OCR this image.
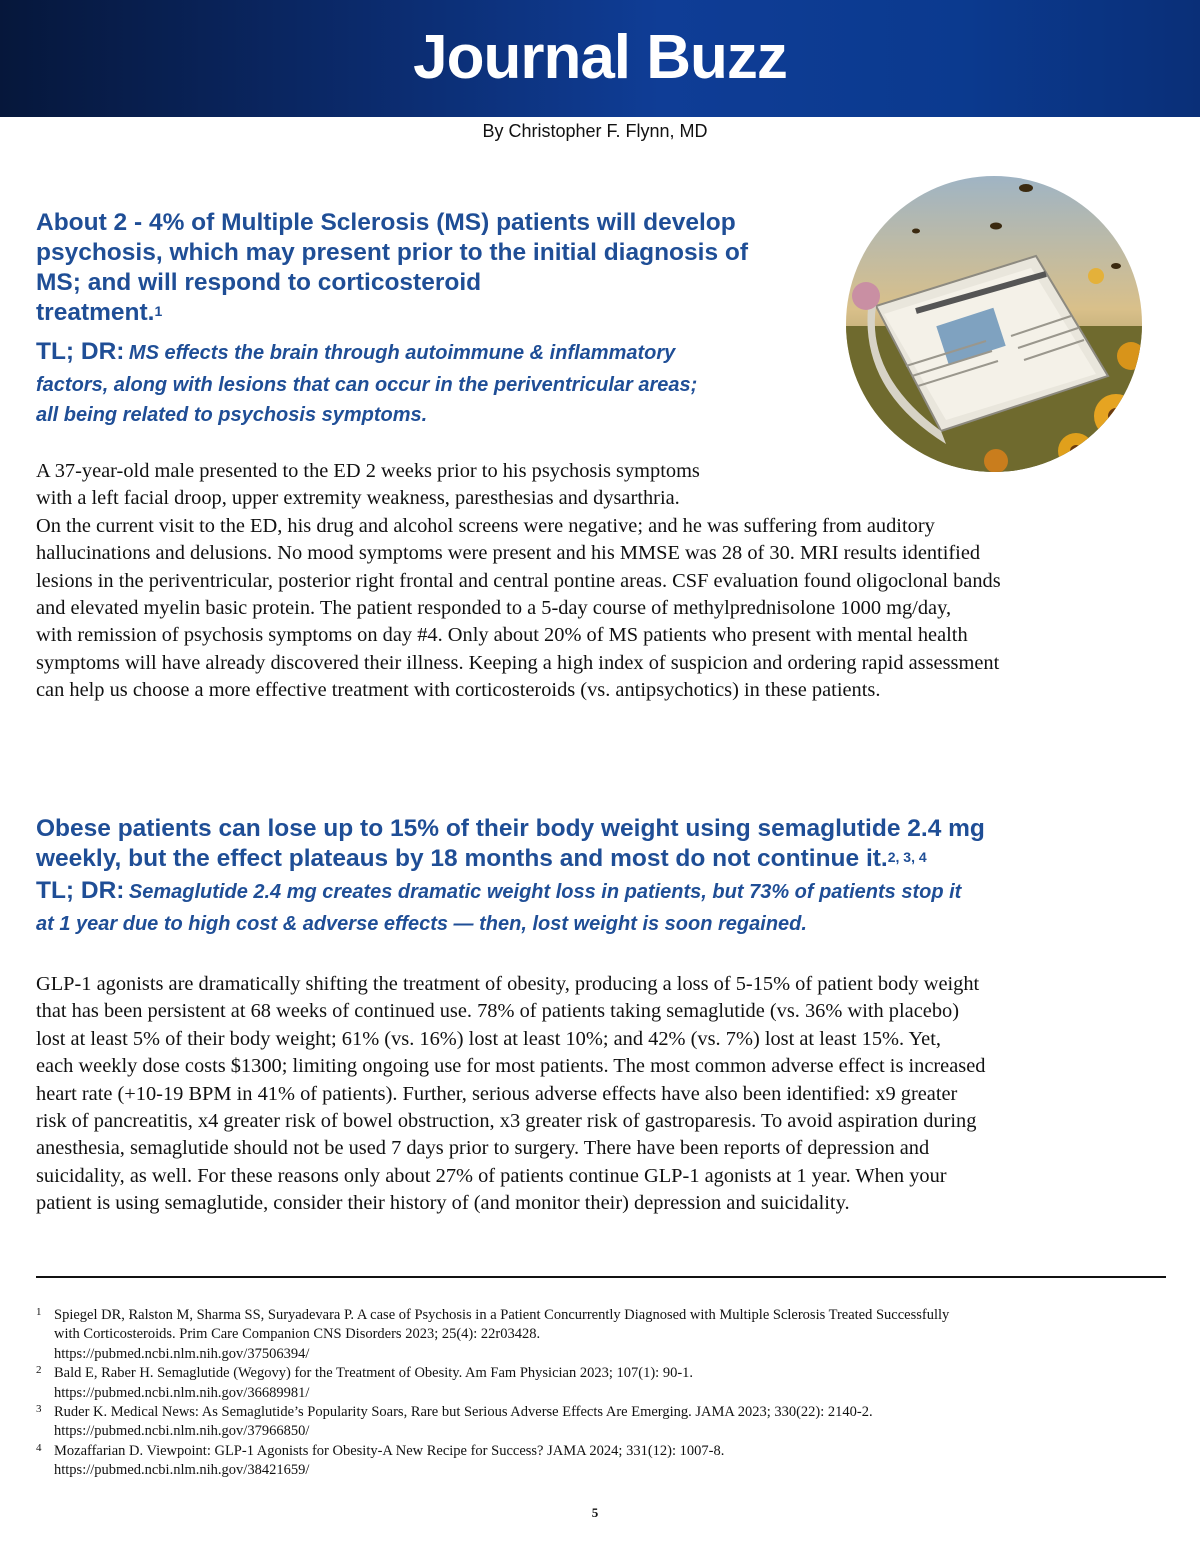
Journal Buzz
By Christopher F. Flynn, MD
About 2 - 4% of Multiple Sclerosis (MS) patients will develop
psychosis, which may present prior to the initial diagnosis of
MS; and will respond to corticosteroid
treatment.$^1$
TL; DR: MS effects the brain through autoimmune & inflammatory
factors, along with lesions that can occur in the periventricular areas;
all being related to psychosis symptoms.
A 37-year-old male presented to the ED 2 weeks prior to his psychosis symptoms
with a left facial droop, upper extremity weakness, paresthesias and dysarthria.
On the current visit to the ED, his drug and alcohol screens were negative; and he was suffering from auditory
hallucinations and delusions. No mood symptoms were present and his MMSE was 28 of 30. MRI results identified
lesions in the periventricular, posterior right frontal and central pontine areas. CSF evaluation found oligoclonal bands
and elevated myelin basic protein. The patient responded to a 5-day course of methylprednisolone 1000 mg/day,
with remission of psychosis symptoms on day #4. Only about 20% of MS patients who present with mental health
symptoms will have already discovered their illness. Keeping a high index of suspicion and ordering rapid assessment
can help us choose a more effective treatment with corticosteroids (vs. antipsychotics) in these patients.
Obese patients can lose up to 15% of their body weight using semaglutide 2.4 mg
weekly, but the effect plateaus by 18 months and most do not continue it.$^{2, 3, 4}$
TL; DR: Semaglutide 2.4 mg creates dramatic weight loss in patients, but 73% of patients stop it
at 1 year due to high cost & adverse effects — then, lost weight is soon regained.
GLP-1 agonists are dramatically shifting the treatment of obesity, producing a loss of 5-15% of patient body weight
that has been persistent at 68 weeks of continued use. 78% of patients taking semaglutide (vs. 36% with placebo)
lost at least 5% of their body weight; 61% (vs. 16%) lost at least 10%; and 42% (vs. 7%) lost at least 15%. Yet,
each weekly dose costs $1300; limiting ongoing use for most patients. The most common adverse effect is increased
heart rate (+10-19 BPM in 41% of patients). Further, serious adverse effects have also been identified: x9 greater
risk of pancreatitis, x4 greater risk of bowel obstruction, x3 greater risk of gastroparesis. To avoid aspiration during
anesthesia, semaglutide should not be used 7 days prior to surgery. There have been reports of depression and
suicidality, as well. For these reasons only about 27% of patients continue GLP-1 agonists at 1 year. When your
patient is using semaglutide, consider their history of (and monitor their) depression and suicidality.
1 Spiegel DR, Ralston M, Sharma SS, Suryadevara P. A case of Psychosis in a Patient Concurrently Diagnosed with Multiple Sclerosis Treated Successfully
with Corticosteroids. Prim Care Companion CNS Disorders 2023; 25(4): 22r03428.
https://pubmed.ncbi.nlm.nih.gov/37506394/
2 Bald E, Raber H. Semaglutide (Wegovy) for the Treatment of Obesity. Am Fam Physician 2023; 107(1): 90-1.
https://pubmed.ncbi.nlm.nih.gov/36689981/
3 Ruder K. Medical News: As Semaglutide’s Popularity Soars, Rare but Serious Adverse Effects Are Emerging. JAMA 2023; 330(22): 2140-2.
https://pubmed.ncbi.nlm.nih.gov/37966850/
4 Mozaffarian D. Viewpoint: GLP-1 Agonists for Obesity-A New Recipe for Success? JAMA 2024; 331(12): 1007-8.
https://pubmed.ncbi.nlm.nih.gov/38421659/
5
